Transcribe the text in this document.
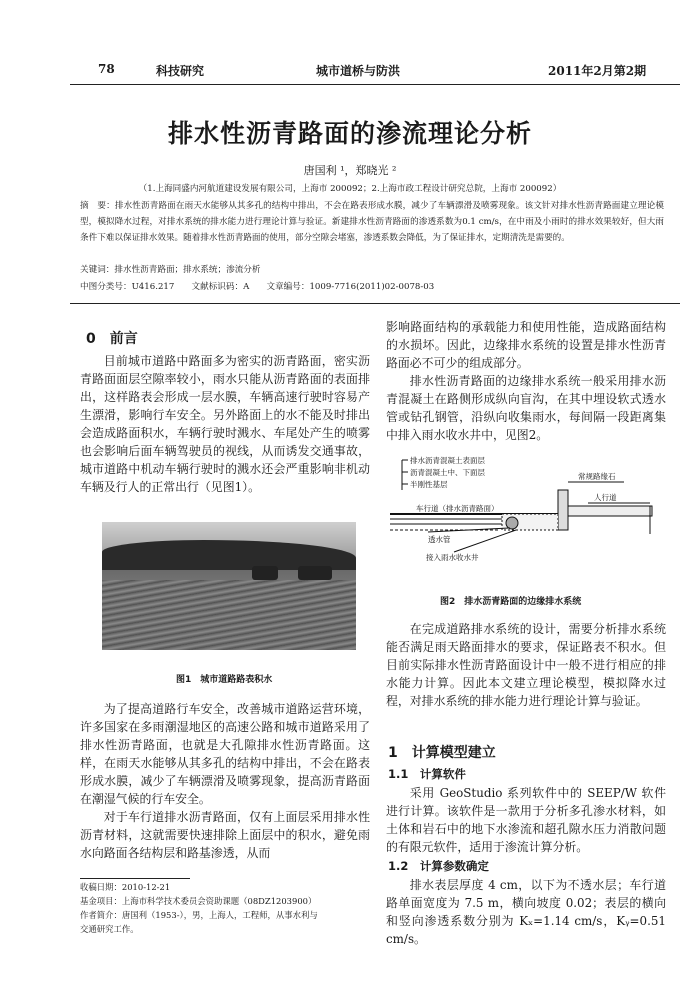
78	科技研究	城市道桥与防洪	2011年2月第2期
排水性沥青路面的渗流理论分析
唐国利 ¹，郑晓光 ²
（1.上海同盛内河航道建设发展有限公司，上海市 200092；2.上海市政工程设计研究总院，上海市 200092）
摘　要：排水性沥青路面在雨天水能够从其多孔的结构中排出，不会在路表形成水膜，减少了车辆漂滑及喷雾现象。该文针对排水性沥青路面建立理论模型，模拟降水过程，对排水系统的排水能力进行理论计算与验证。新建排水性沥青路面的渗透系数为0.1 cm/s，在中雨及小雨时的排水效果较好，但大雨条件下难以保证排水效果。随着排水性沥青路面的使用，部分空隙会堵塞，渗透系数会降低，为了保证排水，定期清洗是需要的。
关键词：排水性沥青路面；排水系统；渗流分析
中图分类号：U416.217　　文献标识码：A　　文章编号：1009-7716(2011)02-0078-03
0　前言

目前城市道路中路面多为密实的沥青路面，密实沥青路面面层空隙率较小，雨水只能从沥青路面的表面排出，这样路表会形成一层水膜，车辆高速行驶时容易产生漂滑，影响行车安全。另外路面上的水不能及时排出会造成路面积水，车辆行驶时溅水、车尾处产生的喷雾也会影响后面车辆驾驶员的视线，从而诱发交通事故，城市道路中机动车辆行驶时的溅水还会严重影响非机动车辆及行人的正常出行（见图1）。

图1　城市道路路表积水

为了提高道路行车安全，改善城市道路运营环境，许多国家在多雨潮湿地区的高速公路和城市道路采用了排水性沥青路面，也就是大孔隙排水性沥青路面。这样，在雨天水能够从其多孔的结构中排出，不会在路表形成水膜，减少了车辆漂滑及喷雾现象，提高沥青路面在潮湿气候的行车安全。

对于车行道排水沥青路面，仅有上面层采用排水性沥青材料，这就需要快速排除上面层中的积水，避免雨水向路面各结构层和路基渗透，从而

收稿日期：2010-12-21
基金项目：上海市科学技术委员会资助课题（08DZ1203900）
作者简介：唐国利（1953-），男，上海人，工程师，从事水利与
交通研究工作。

影响路面结构的承载能力和使用性能，造成路面结构的水损坏。因此，边缘排水系统的设置是排水性沥青路面必不可少的组成部分。

排水性沥青路面的边缘排水系统一般采用排水沥青混凝土在路侧形成纵向盲沟，在其中埋设软式透水管或钻孔钢管，沿纵向收集雨水，每间隔一段距离集中排入雨水收水井中，见图2。

排水沥青混凝土表面层
沥青混凝土中、下面层
半刚性基层
常规路缘石
人行道
车行道（排水沥青路面）
透水管
接入雨水收水井
图2　排水沥青路面的边缘排水系统

在完成道路排水系统的设计，需要分析排水系统能否满足雨天路面排水的要求，保证路表不积水。但目前实际排水性沥青路面设计中一般不进行相应的排水能力计算。因此本文建立理论模型，模拟降水过程，对排水系统的排水能力进行理论计算与验证。

1　计算模型建立
1.1　计算软件

采用 GeoStudio 系列软件中的 SEEP/W 软件进行计算。该软件是一款用于分析多孔渗水材料，如土体和岩石中的地下水渗流和超孔隙水压力消散问题的有限元软件，适用于渗流计算分析。

1.2　计算参数确定

排水表层厚度 4 cm，以下为不透水层；车行道路单面宽度为 7.5 m，横向坡度 0.02；表层的横向和竖向渗透系数分别为 Kₓ=1.14 cm/s，Kᵧ=0.51 cm/s。
